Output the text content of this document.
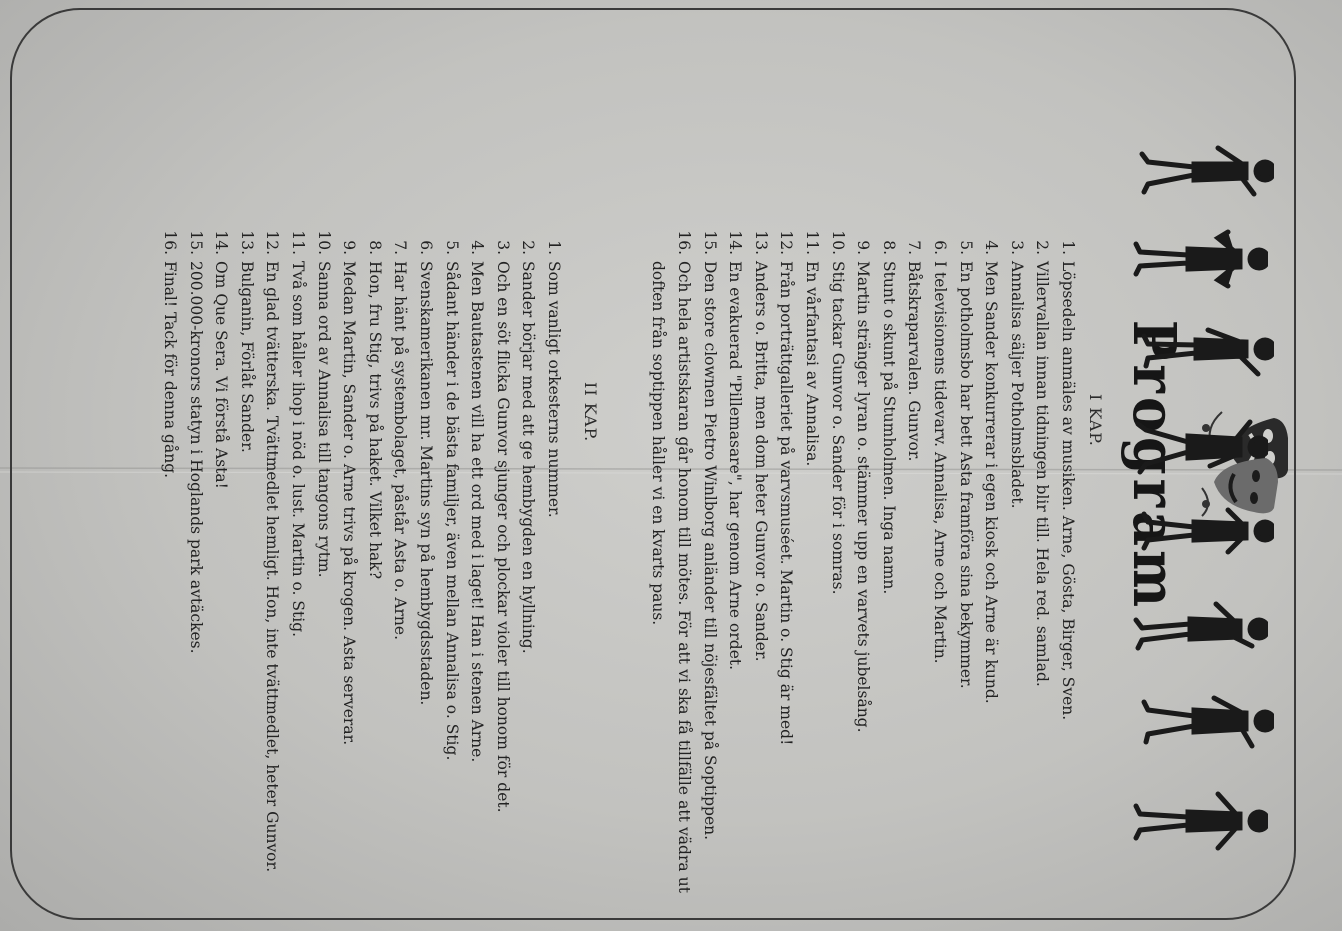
Program
I KAP.
1.
Löpsedeln anmäles av musiken. Arne, Gösta, Birger, Sven.
2.
Villervallan innan tidningen blir till. Hela red. samlad.
3.
Annalisa säljer Potholmsbladet.
4.
Men Sander konkurrerar i egen kiosk och Arne är kund.
5.
En potholmsbo har bett Asta framföra sina bekymmer.
6.
I televisionens tidevarv. Annalisa, Arne och Martin.
7.
Båtskraparvalen. Gunvor.
8.
Stunt o skunt på Stumholmen. Inga namn.
9.
Martin stränger lyran o. stämmer upp en varvets jubelsång.
10.
Stig tackar Gunvor o. Sander för i somras.
11.
En vårfantasi av Annalisa.
12.
Från porträttgalleriet på varvsmuséet. Martin o. Stig är med!
13.
Anders o. Britta, men dom heter Gunvor o. Sander.
14.
En evakuerad "Pillemasare", har genom Arne ordet.
15.
Den store clownen Pietro Winlborg anländer till nöjesfältet på Soptippen.
16.
Och hela artistskaran går honom till mötes. För att vi ska få tillfälle att vädra ut doften från soptippen håller vi en kvarts paus.
II KAP.
1.
Som vanligt orkesterns nummer.
2.
Sander börjar med att ge hembygden en hyllning.
3.
Och en söt flicka Gunvor sjunger och plockar violer till honom för det.
4.
Men Bautastenen vill ha ett ord med i laget! Han i stenen Arne.
5.
Sådant händer i de bästa familjer, även mellan Annalisa o. Stig.
6.
Svenskamerikanen mr. Martins syn på hembygdsstaden.
7.
Har hänt på systembolaget, påstår Asta o. Arne.
8.
Hon, fru Stig, trivs på haket. Vilket hak?
9.
Medan Martin, Sander o. Arne trivs på krogen. Asta serverar.
10.
Sanna ord av Annalisa till tangons rytm.
11.
Två som håller ihop i nöd o. lust. Martin o. Stig.
12.
En glad tvätterska. Tvättmedlet hemligt. Hon, inte tvättmedlet, heter Gunvor.
13.
Bulganin, Förlåt Sander.
14.
Om Que Sera. Vi förstå Asta!
15.
200.000-kronors statyn i Hoglands park avtäckes.
16.
Final! Tack för denna gång.
